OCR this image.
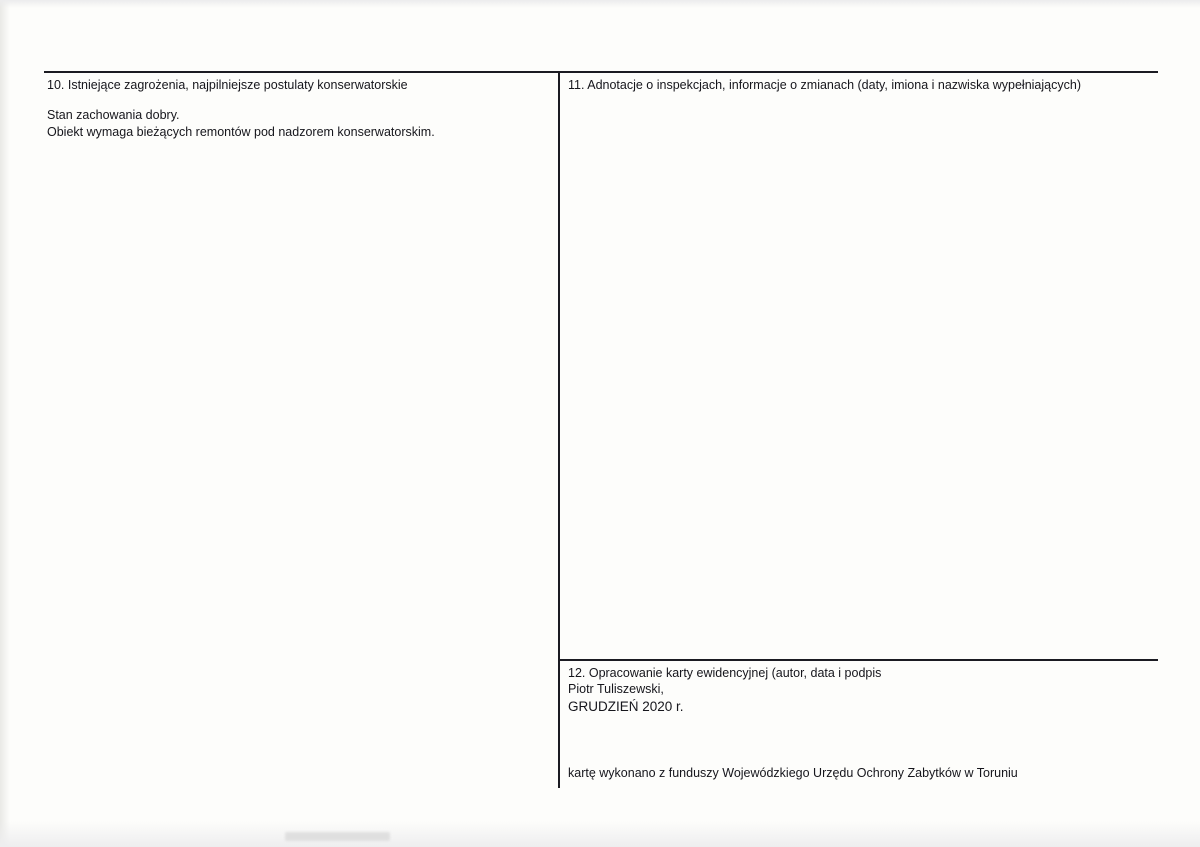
10. Istniejące zagrożenia, najpilniejsze postulaty konserwatorskie
Stan zachowania dobry.
Obiekt wymaga bieżących remontów pod nadzorem konserwatorskim.
11. Adnotacje o inspekcjach, informacje o zmianach (daty, imiona i nazwiska wypełniających)
12. Opracowanie karty ewidencyjnej (autor, data i podpis
Piotr Tuliszewski,
GRUDZIEŃ 2020 r.
kartę wykonano z funduszy Wojewódzkiego Urzędu Ochrony Zabytków w Toruniu
